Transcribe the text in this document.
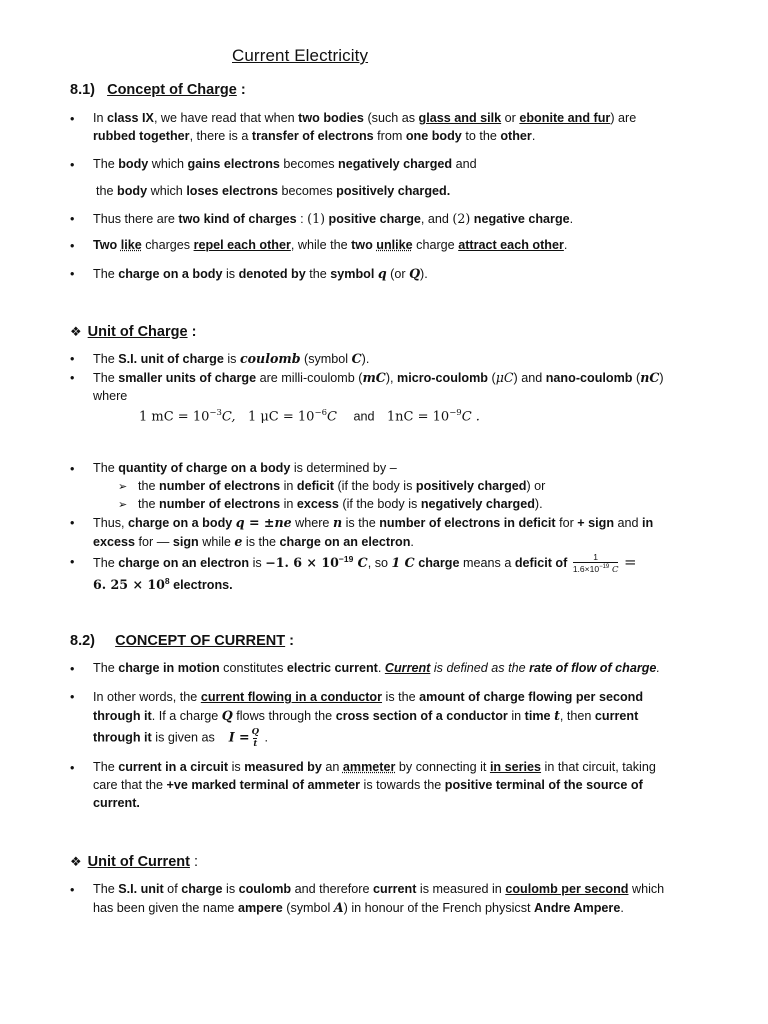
Current Electricity
8.1) Concept of Charge :
•	In class IX, we have read that when two bodies (such as glass and silk or ebonite and fur) are
rubbed together, there is a transfer of electrons from one body to the other.
•	The body which gains electrons becomes negatively charged and
the body which loses electrons becomes positively charged.
•	Thus there are two kind of charges : (1) positive charge, and (2) negative charge.
•	Two like charges repel each other, while the two unlike charge attract each other.
•	The charge on a body is denoted by the symbol q (or Q).
❖ Unit of Charge :
•	The S.I. unit of charge is coulomb (symbol C).
•	The smaller units of charge are milli-coulomb (mC), micro-coulomb (μC) and nano-coulomb (nC)
where
1 mC = $10^{-3}C$, 1 $\mu C = 10^{-6}C$ and $1nC = 10^{-9}C$ .
•	The quantity of charge on a body is determined by –
➢ the number of electrons in deficit (if the body is positively charged) or
➢ the number of electrons in excess (if the body is negatively charged).
•	Thus, charge on a body q = ±ne where n is the number of electrons in deficit for + sign and in
excess for — sign while e is the charge on an electron.
•	The charge on an electron is −1. $6 \times 10^{-19}$ C, so 1 C charge means a deficit of $\frac{1}{1.6\times 10^{-19} C}$ =
6. $25 \times 10^8$ electrons.
8.2) CONCEPT OF CURRENT :
•	The charge in motion constitutes electric current. Current is defined as the rate of flow of charge.
•	In other words, the current flowing in a conductor is the amount of charge flowing per second
through it. If a charge Q flows through the cross section of a conductor in time t, then current
through it is given as $I = \frac{Q}{t}$ .
•	The current in a circuit is measured by an ammeter by connecting it in series in that circuit, taking
care that the +ve marked terminal of ammeter is towards the positive terminal of the source of
current.
❖ Unit of Current :
•	The S.I. unit of charge is coulomb and therefore current is measured in coulomb per second which
has been given the name ampere (symbol A) in honour of the French physicst Andre Ampere.
